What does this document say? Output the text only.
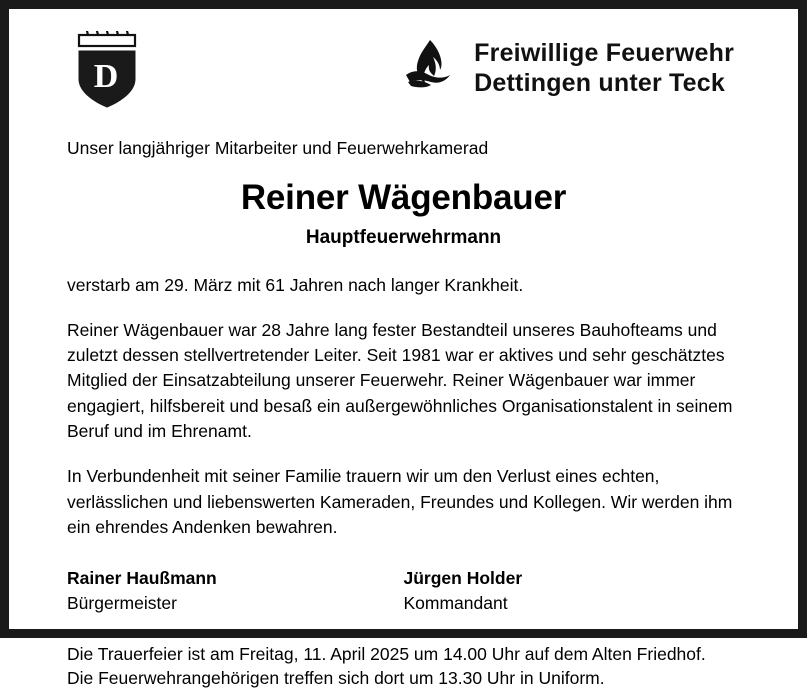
D
Freiwillige Feuerwehr
Dettingen unter Teck
Unser langjähriger Mitarbeiter und Feuerwehrkamerad
Reiner Wägenbauer
Hauptfeuerwehrmann
verstarb am 29. März mit 61 Jahren nach langer Krankheit.

Reiner Wägenbauer war 28 Jahre lang fester Bestandteil unseres Bauhofteams und zuletzt dessen stellvertretender Leiter. Seit 1981 war er aktives und sehr geschätztes Mitglied der Einsatzabteilung unserer Feuerwehr. Reiner Wägenbauer war immer engagiert, hilfsbereit und besaß ein außergewöhnliches Organisationstalent in seinem Beruf und im Ehrenamt.

In Verbundenheit mit seiner Familie trauern wir um den Verlust eines echten, verlässlichen und liebenswerten Kameraden, Freundes und Kollegen. Wir werden ihm ein ehrendes Andenken bewahren.

Rainer Haußmann
Bürgermeister
Jürgen Holder
Kommandant

Die Trauerfeier ist am Freitag, 11. April 2025 um 14.00 Uhr auf dem Alten Friedhof.

Die Feuerwehrangehörigen treffen sich dort um 13.30 Uhr in Uniform.
